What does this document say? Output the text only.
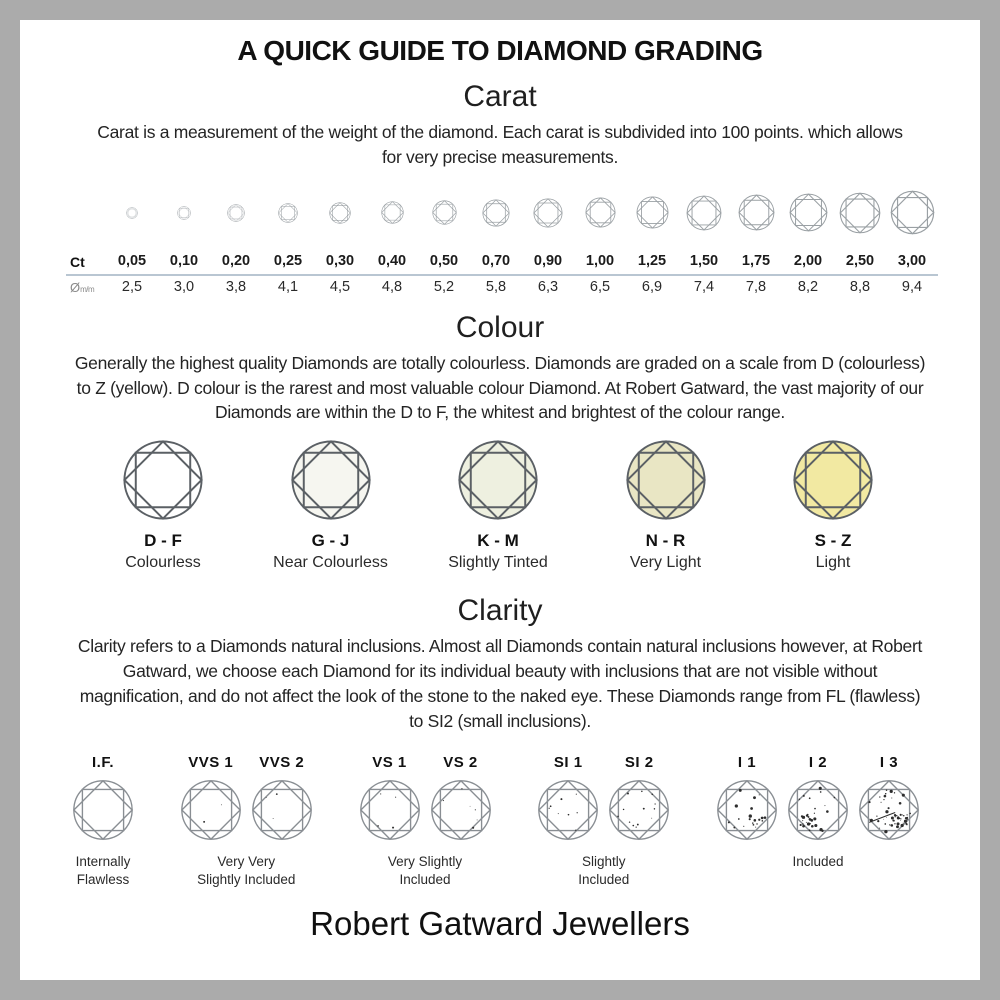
A QUICK GUIDE TO DIAMOND GRADING
Carat
Carat is a measurement of the weight of the diamond. Each carat is subdivided into 100 points. which allows for very precise measurements.
Ct	0,05	0,10	0,20	0,25	0,30	0,40	0,50	0,70	0,90	1,00	1,25	1,50	1,75	2,00	2,50	3,00
Øm/m	2,5	3,0	3,8	4,1	4,5	4,8	5,2	5,8	6,3	6,5	6,9	7,4	7,8	8,2	8,8	9,4
Colour
Generally the highest quality Diamonds are totally colourless. Diamonds are graded on a scale from D (colourless) to Z (yellow). D colour is the rarest and most valuable colour Diamond. At Robert Gatward, the vast majority of our Diamonds are within the D to F, the whitest and brightest of the colour range.
D - F
Colourless
G - J
Near Colourless
K - M
Slightly Tinted
N - R
Very Light
S - Z
Light
Clarity
Clarity refers to a Diamonds natural inclusions. Almost all Diamonds contain natural inclusions however, at Robert Gatward, we choose each Diamond for its individual beauty with inclusions that are not visible without magnification, and do not affect the look of the stone to the naked eye. These Diamonds range from FL (flawless) to SI2 (small inclusions).
I.F.
Internally
Flawless
VVS 1 VVS 2
Very Very
Slightly Included
VS 1 VS 2
Very Slightly
Included
SI 1	SI 2
Slightly
Included
I 1	I 2	I 3
Included
Robert Gatward Jewellers
